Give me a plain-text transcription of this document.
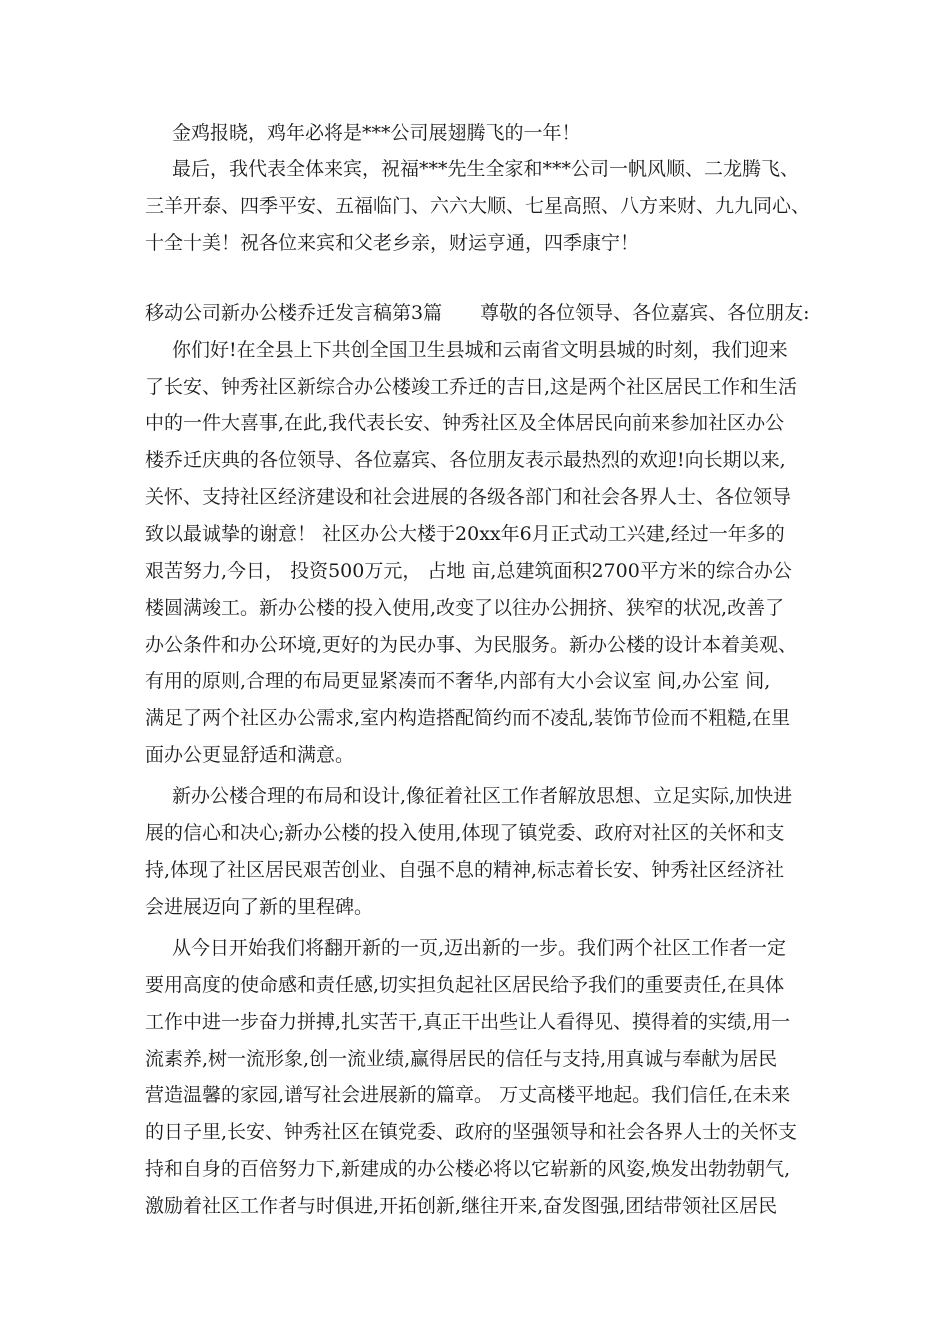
金鸡报晓，鸡年必将是***公司展翅腾飞的一年！
最后，我代表全体来宾，祝福***先生全家和***公司一帆风顺、二龙腾飞、
三羊开泰、四季平安、五福临门、六六大顺、七星高照、八方来财、九九同心、
十全十美！祝各位来宾和父老乡亲，财运亨通，四季康宁！
移动公司新办公楼乔迁发言稿第3篇　　尊敬的各位领导、各位嘉宾、各位朋友:
你们好!在全县上下共创全国卫生县城和云南省文明县城的时刻，我们迎来
了长安、钟秀社区新综合办公楼竣工乔迁的吉日,这是两个社区居民工作和生活
中的一件大喜事,在此,我代表长安、钟秀社区及全体居民向前来参加社区办公
楼乔迁庆典的各位领导、各位嘉宾、各位朋友表示最热烈的欢迎!向长期以来,
关怀、支持社区经济建设和社会进展的各级各部门和社会各界人士、各位领导
致以最诚挚的谢意！ 社区办公大楼于20xx年6月正式动工兴建,经过一年多的
艰苦努力,今日， 投资500万元， 占地 亩,总建筑面积2700平方米的综合办公
楼圆满竣工。新办公楼的投入使用,改变了以往办公拥挤、狭窄的状况,改善了
办公条件和办公环境,更好的为民办事、为民服务。新办公楼的设计本着美观、
有用的原则,合理的布局更显紧凑而不奢华,内部有大小会议室 间,办公室 间,
满足了两个社区办公需求,室内构造搭配简约而不凌乱,装饰节俭而不粗糙,在里
面办公更显舒适和满意。
新办公楼合理的布局和设计,像征着社区工作者解放思想、立足实际,加快进
展的信心和决心;新办公楼的投入使用,体现了镇党委、政府对社区的关怀和支
持,体现了社区居民艰苦创业、自强不息的精神,标志着长安、钟秀社区经济社
会进展迈向了新的里程碑。
从今日开始我们将翻开新的一页,迈出新的一步。我们两个社区工作者一定
要用高度的使命感和责任感,切实担负起社区居民给予我们的重要责任,在具体
工作中进一步奋力拼搏,扎实苦干,真正干出些让人看得见、摸得着的实绩,用一
流素养,树一流形象,创一流业绩,赢得居民的信任与支持,用真诚与奉献为居民
营造温馨的家园,谱写社会进展新的篇章。 万丈高楼平地起。我们信任,在未来
的日子里,长安、钟秀社区在镇党委、政府的坚强领导和社会各界人士的关怀支
持和自身的百倍努力下,新建成的办公楼必将以它崭新的风姿,焕发出勃勃朝气,
激励着社区工作者与时俱进,开拓创新,继往开来,奋发图强,团结带领社区居民
